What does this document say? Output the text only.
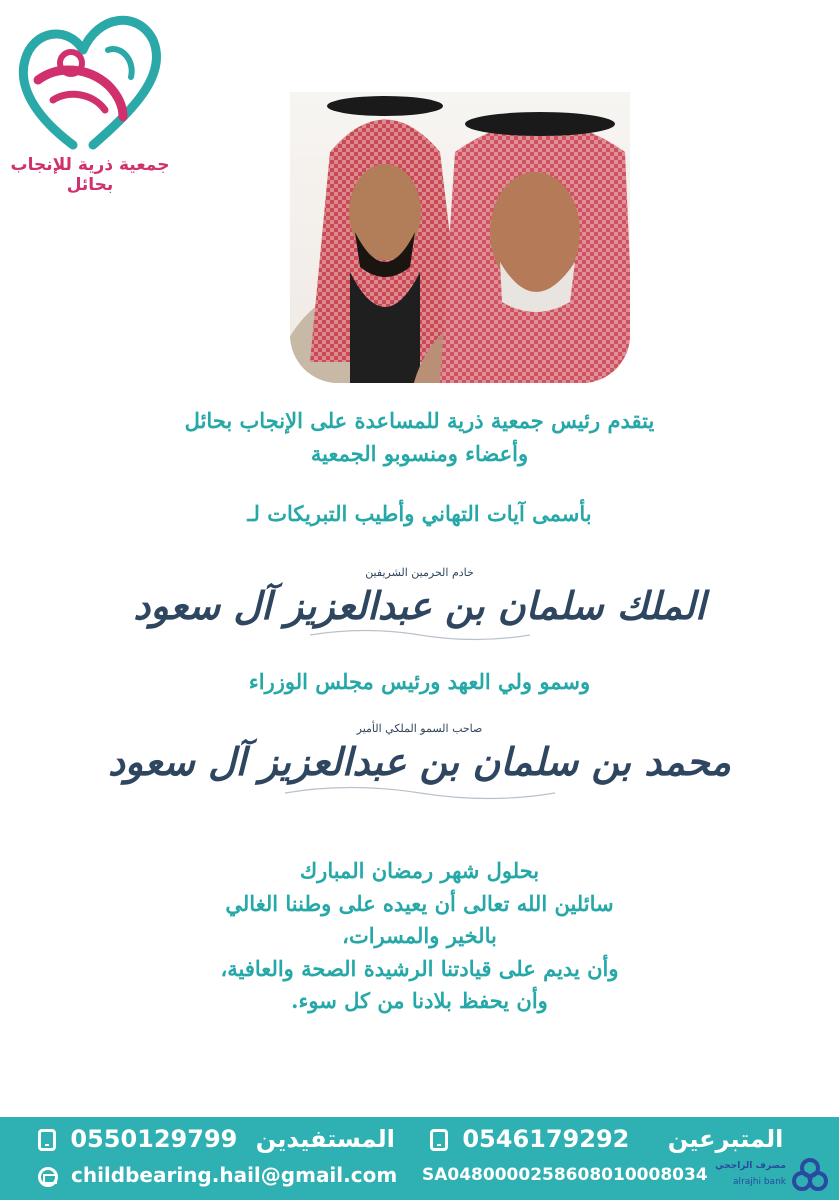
جمعية ذرية للإنجاب بحائل
يتقدم رئيس جمعية ذرية للمساعدة على الإنجاب بحائل
وأعضاء ومنسوبو الجمعية
بأسمى آيات التهاني وأطيب التبريكات لـ
خادم الحرمين الشريفين
الملك سلمان بن عبدالعزيز آل سعود
وسمو ولي العهد ورئيس مجلس الوزراء
صاحب السمو الملكي الأمير
محمد بن سلمان بن عبدالعزيز آل سعود
بحلول شهر رمضان المبارك
سائلين الله تعالى أن يعيده على وطننا الغالي
بالخير والمسرات،
وأن يديم على قيادتنا الرشيدة الصحة والعافية،
وأن يحفظ بلادنا من كل سوء.
0550129799 المستفيدين	0546179292 المتبرعين
childbearing.hail@gmail.com SA0480000258608010008034 مصرف الراجحي
alrajhi bank
